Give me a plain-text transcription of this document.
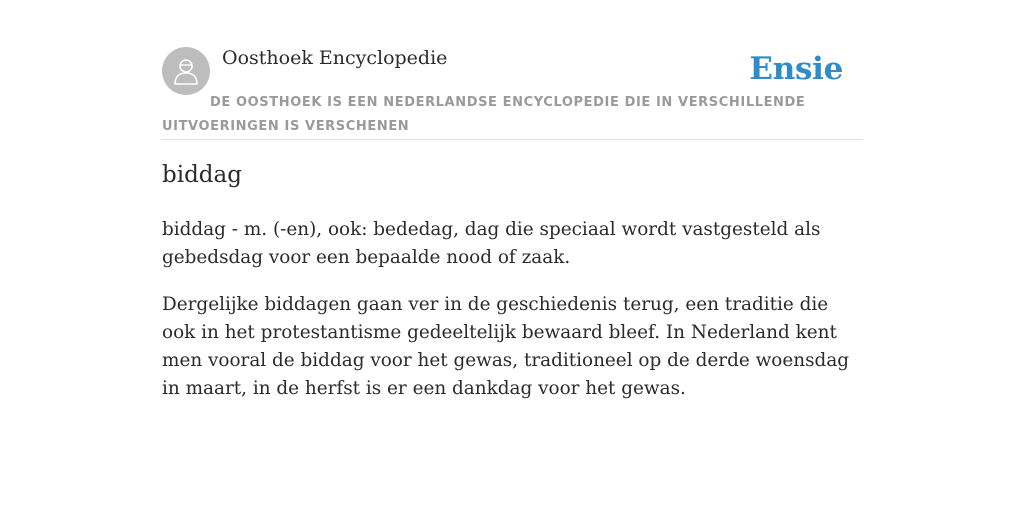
Oosthoek Encyclopedie	Ensie
DE OOSTHOEK IS EEN NEDERLANDSE ENCYCLOPEDIE DIE IN VERSCHILLENDE UITVOERINGEN IS VERSCHENEN
biddag

biddag - m. (-en), ook: bededag, dag die speciaal wordt vastgesteld als gebedsdag voor een bepaalde nood of zaak.

Dergelijke biddagen gaan ver in de geschiedenis terug, een traditie die ook in het protestantisme gedeeltelijk bewaard bleef. In Nederland kent men vooral de biddag voor het gewas, traditioneel op de derde woensdag in maart, in de herfst is er een dankdag voor het gewas.
